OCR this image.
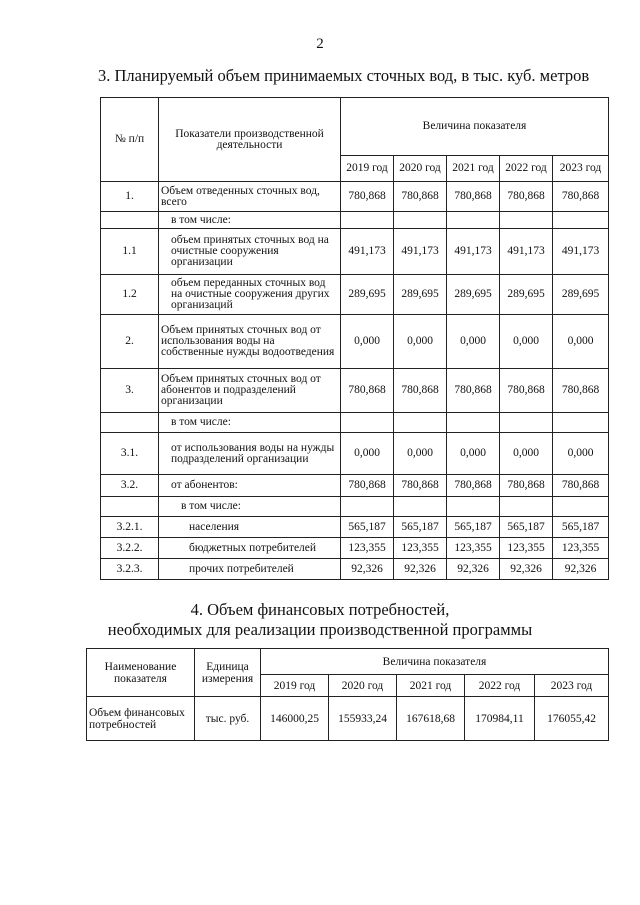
2
3. Планируемый объем принимаемых сточных вод, в тыс. куб. метров
№ п/п	Показатели производственной деятельности	Величина показателя				
		2019 год	2020 год	2021 год	2022 год	2023 год
1.	Объем отведенных сточных вод, всего	780,868	780,868	780,868	780,868	780,868
	в том числе:					
1.1	объем принятых сточных вод на очистные сооружения организации	491,173	491,173	491,173	491,173	491,173
1.2	объем переданных сточных вод на очистные сооружения других организаций	289,695	289,695	289,695	289,695	289,695
2.	Объем принятых сточных вод от использования воды на собственные нужды водоотведения	0,000	0,000	0,000	0,000	0,000
3.	Объем принятых сточных вод от абонентов и подразделений организации	780,868	780,868	780,868	780,868	780,868
	в том числе:					
3.1.	от использования воды на нужды подразделений организации	0,000	0,000	0,000	0,000	0,000
3.2.	от абонентов:	780,868	780,868	780,868	780,868	780,868
	в том числе:					
3.2.1.	населения	565,187	565,187	565,187	565,187	565,187
3.2.2.	бюджетных потребителей	123,355	123,355	123,355	123,355	123,355
3.2.3.	прочих потребителей	92,326	92,326	92,326	92,326	92,326
4. Объем финансовых потребностей,
необходимых для реализации производственной программы
Наименование показателя	Единица измерения	Величина показателя				
		2019 год	2020 год	2021 год	2022 год	2023 год
Объем финансовых потребностей	тыс. руб.	146000,25	155933,24	167618,68	170984,11	176055,42
